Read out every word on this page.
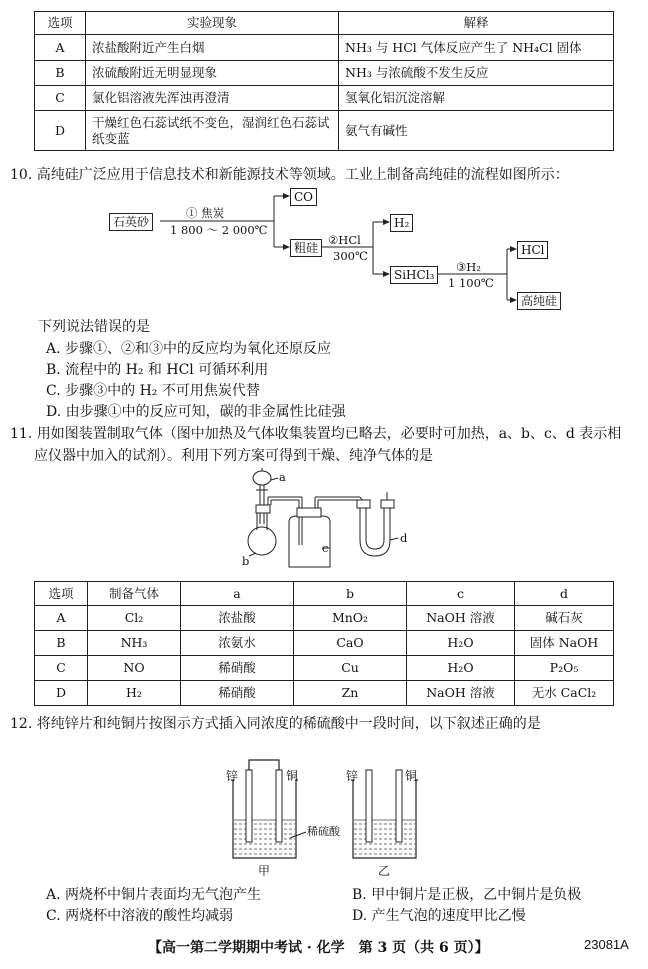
选项	实验现象	解释
A	浓盐酸附近产生白烟	NH₃ 与 HCl 气体反应产生了 NH₄Cl 固体
B	浓硫酸附近无明显现象	NH₃ 与浓硫酸不发生反应
C	氯化铝溶液先浑浊再澄清	氢氧化铝沉淀溶解
D	干燥红色石蕊试纸不变色，湿润红色石蕊试纸变蓝	氨气有碱性
10. 高纯硅广泛应用于信息技术和新能源技术等领域。工业上制备高纯硅的流程如图所示：
石英砂
① 焦炭
1 800 ～ 2 000℃
CO
粗硅
②HCl
300℃
H₂
SiHCl₃
③H₂
1 100℃
HCl
高纯硅
下列说法错误的是
A. 步骤①、②和③中的反应均为氧化还原反应
B. 流程中的 H₂ 和 HCl 可循环利用
C. 步骤③中的 H₂ 不可用焦炭代替
D. 由步骤①中的反应可知，碳的非金属性比硅强
11. 用如图装置制取气体（图中加热及气体收集装置均已略去，必要时可加热，a、b、c、d 表示相
应仪器中加入的试剂）。利用下列方案可得到干燥、纯净气体的是
a
b
c
d
选项	制备气体	a	b	c	d
A	Cl₂	浓盐酸	MnO₂	NaOH 溶液	碱石灰
B	NH₃	浓氨水	CaO	H₂O	固体 NaOH
C	NO	稀硝酸	Cu	H₂O	P₂O₅
D	H₂	稀硝酸	Zn	NaOH 溶液	无水 CaCl₂
12. 将纯锌片和纯铜片按图示方式插入同浓度的稀硫酸中一段时间，以下叙述正确的是
锌	铜	锌	铜
稀硫酸
甲	乙
A. 两烧杯中铜片表面均无气泡产生	B. 甲中铜片是正极，乙中铜片是负极
C. 两烧杯中溶液的酸性均减弱	D. 产生气泡的速度甲比乙慢
【高一第二学期期中考试 · 化学　第 3 页（共 6 页）】	23081A
